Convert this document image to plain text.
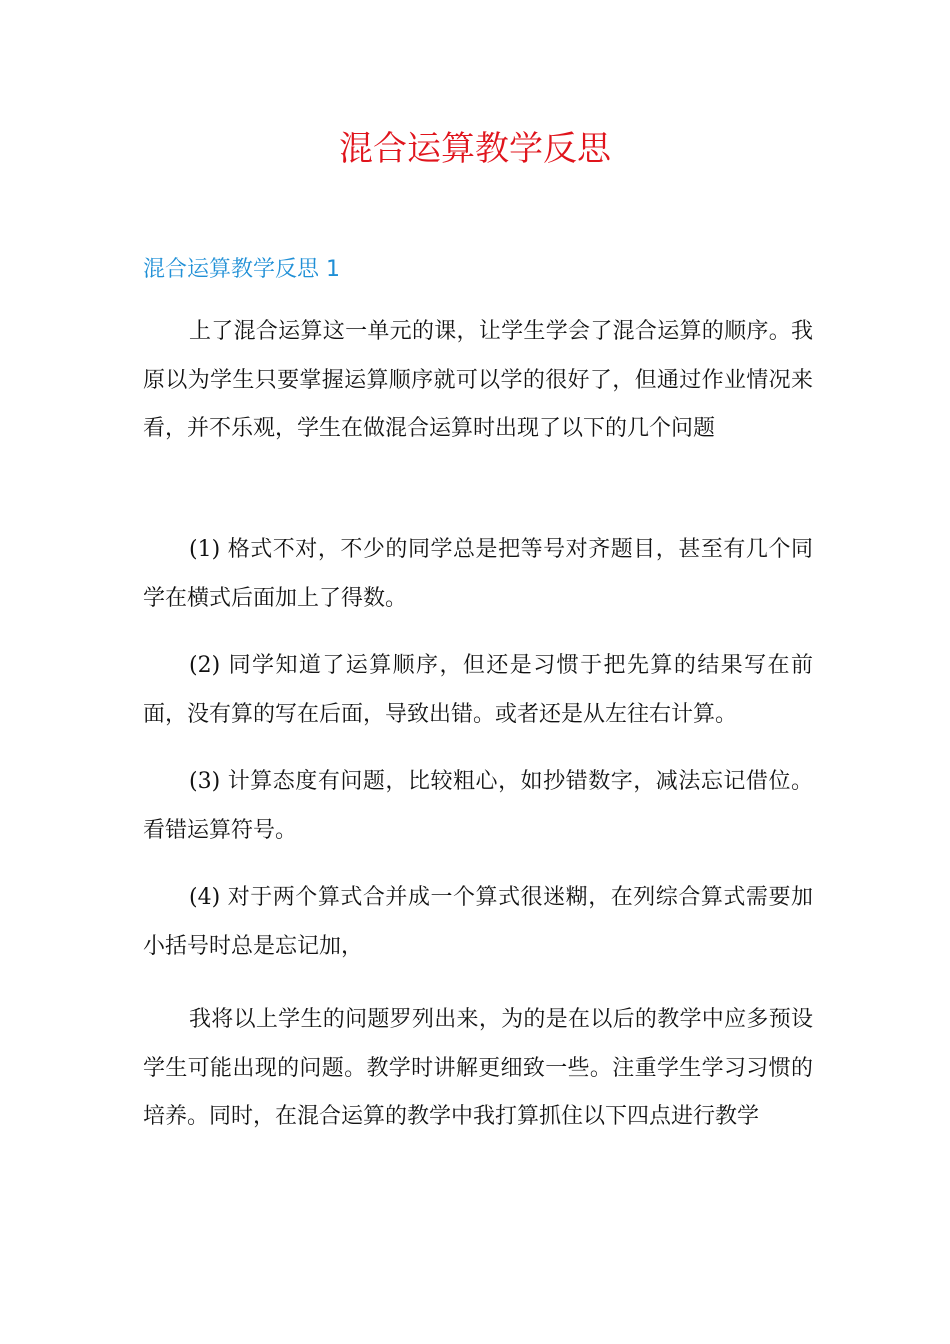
混合运算教学反思
混合运算教学反思 1

上了混合运算这一单元的课，让学生学会了混合运算的顺序。我原以为学生只要掌握运算顺序就可以学的很好了，但通过作业情况来看，并不乐观，学生在做混合运算时出现了以下的几个问题

(1) 格式不对，不少的同学总是把等号对齐题目，甚至有几个同学在横式后面加上了得数。

(2) 同学知道了运算顺序，但还是习惯于把先算的结果写在前面，没有算的写在后面，导致出错。或者还是从左往右计算。

(3) 计算态度有问题，比较粗心，如抄错数字，减法忘记借位。看错运算符号。

(4) 对于两个算式合并成一个算式很迷糊，在列综合算式需要加小括号时总是忘记加，

我将以上学生的问题罗列出来，为的是在以后的教学中应多预设学生可能出现的问题。教学时讲解更细致一些。注重学生学习习惯的培养。同时，在混合运算的教学中我打算抓住以下四点进行教学
